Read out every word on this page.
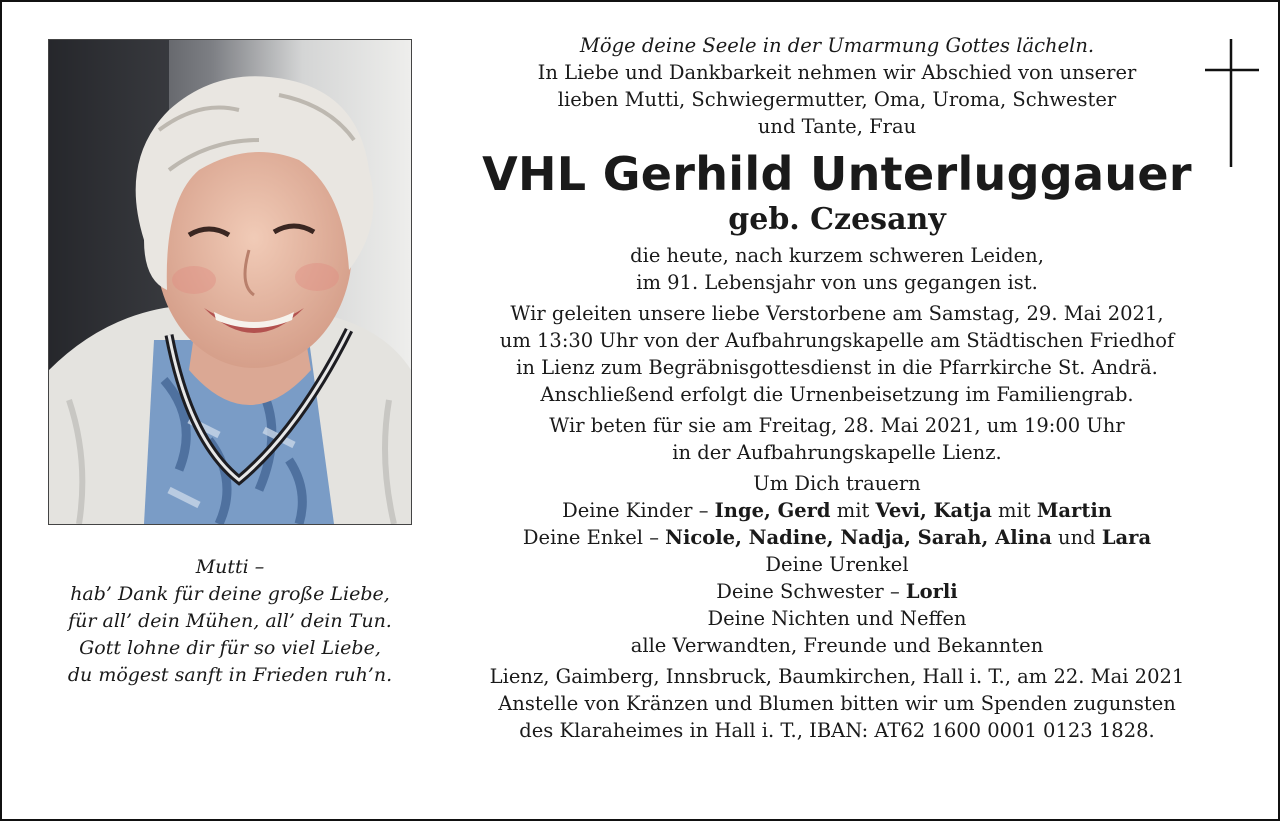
Mutti –
hab’ Dank für deine große Liebe,
für all’ dein Mühen, all’ dein Tun.
Gott lohne dir für so viel Liebe,
du mögest sanft in Frieden ruh’n.
Möge deine Seele in der Umarmung Gottes lächeln.
In Liebe und Dankbarkeit nehmen wir Abschied von unserer
lieben Mutti, Schwiegermutter, Oma, Uroma, Schwester
und Tante, Frau
VHL Gerhild Unterluggauer
geb. Czesany
die heute, nach kurzem schweren Leiden,
im 91. Lebensjahr von uns gegangen ist.
Wir geleiten unsere liebe Verstorbene am Samstag, 29. Mai 2021,
um 13:30 Uhr von der Aufbahrungskapelle am Städtischen Friedhof
in Lienz zum Begräbnisgottesdienst in die Pfarrkirche St. Andrä.
Anschließend erfolgt die Urnenbeisetzung im Familiengrab.
Wir beten für sie am Freitag, 28. Mai 2021, um 19:00 Uhr
in der Aufbahrungskapelle Lienz.
Um Dich trauern
Deine Kinder – Inge, Gerd mit Vevi, Katja mit Martin
Deine Enkel – Nicole, Nadine, Nadja, Sarah, Alina und Lara
Deine Urenkel
Deine Schwester – Lorli
Deine Nichten und Neffen
alle Verwandten, Freunde und Bekannten
Lienz, Gaimberg, Innsbruck, Baumkirchen, Hall i. T., am 22. Mai 2021
Anstelle von Kränzen und Blumen bitten wir um Spenden zugunsten
des Klaraheimes in Hall i. T., IBAN: AT62 1600 0001 0123 1828.
